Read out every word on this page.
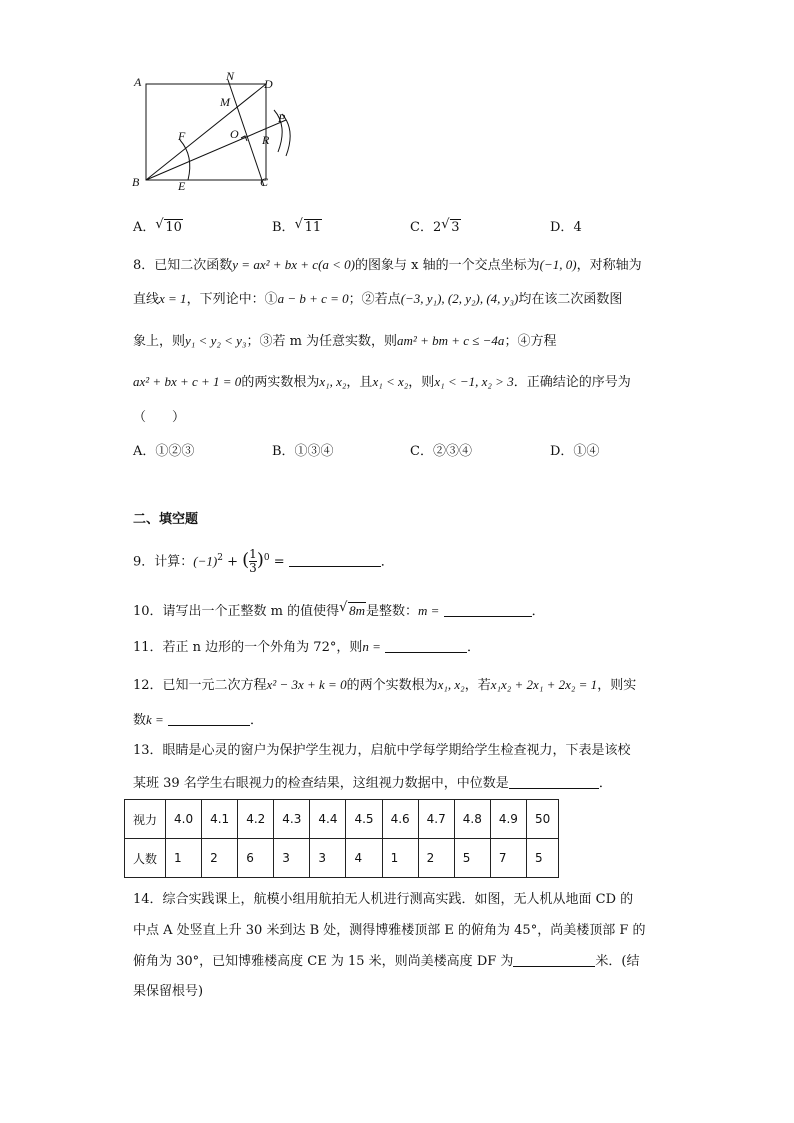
A	N
D
M
P
O R
F
B	E	C
A． √ 10	B． √ 11	C．2 √ 3	D．4
8．已知二次函数y = ax² + bx + c(a < 0)的图象与 x 轴的一个交点坐标为(−1, 0)，对称轴为
直线x = 1，下列论中：①a − b + c = 0；②若点(−3, y₁), (2, y₂), (4, y₃)均在该二次函数图
象上，则y₁ < y₂ < y₃；③若 m 为任意实数，则am² + bm + c ≤ −4a；④方程
ax² + bx + c + 1 = 0的两实数根为x₁, x₂，且x₁ < x₂，则x₁ < −1, x₂ > 3．正确结论的序号为
（　　）
A．①②③	B．①③④	C．②③④	D．①④
二、填空题
9．计算：$(-1)^2$ + ( $\frac{1}{3} )^0$ =	．
10．请写出一个正整数 m 的值使得 √ 8m是整数：m =	．
11．若正 n 边形的一个外角为 72°，则n =	．
12．已知一元二次方程x² − 3x + k = 0的两个实数根为x₁, x₂，若x₁x₂ + 2x₁ + 2x₂ = 1，则实
数k =	．
13．眼睛是心灵的窗户为保护学生视力，启航中学每学期给学生检查视力，下表是该校
某班 39 名学生右眼视力的检查结果，这组视力数据中，中位数是	．
视力	4.0	4.1	4.2	4.3	4.4	4.5	4.6	4.7	4.8	4.9	50
人数	1	2	6	3	3	4	1	2	5	7	5
14．综合实践课上，航模小组用航拍无人机进行测高实践．如图，无人机从地面 CD 的
中点 A 处竖直上升 30 米到达 B 处，测得博雅楼顶部 E 的俯角为 45°，尚美楼顶部 F 的
俯角为 30°，已知博雅楼高度 CE 为 15 米，则尚美楼高度 DF 为	米．(结
果保留根号)
